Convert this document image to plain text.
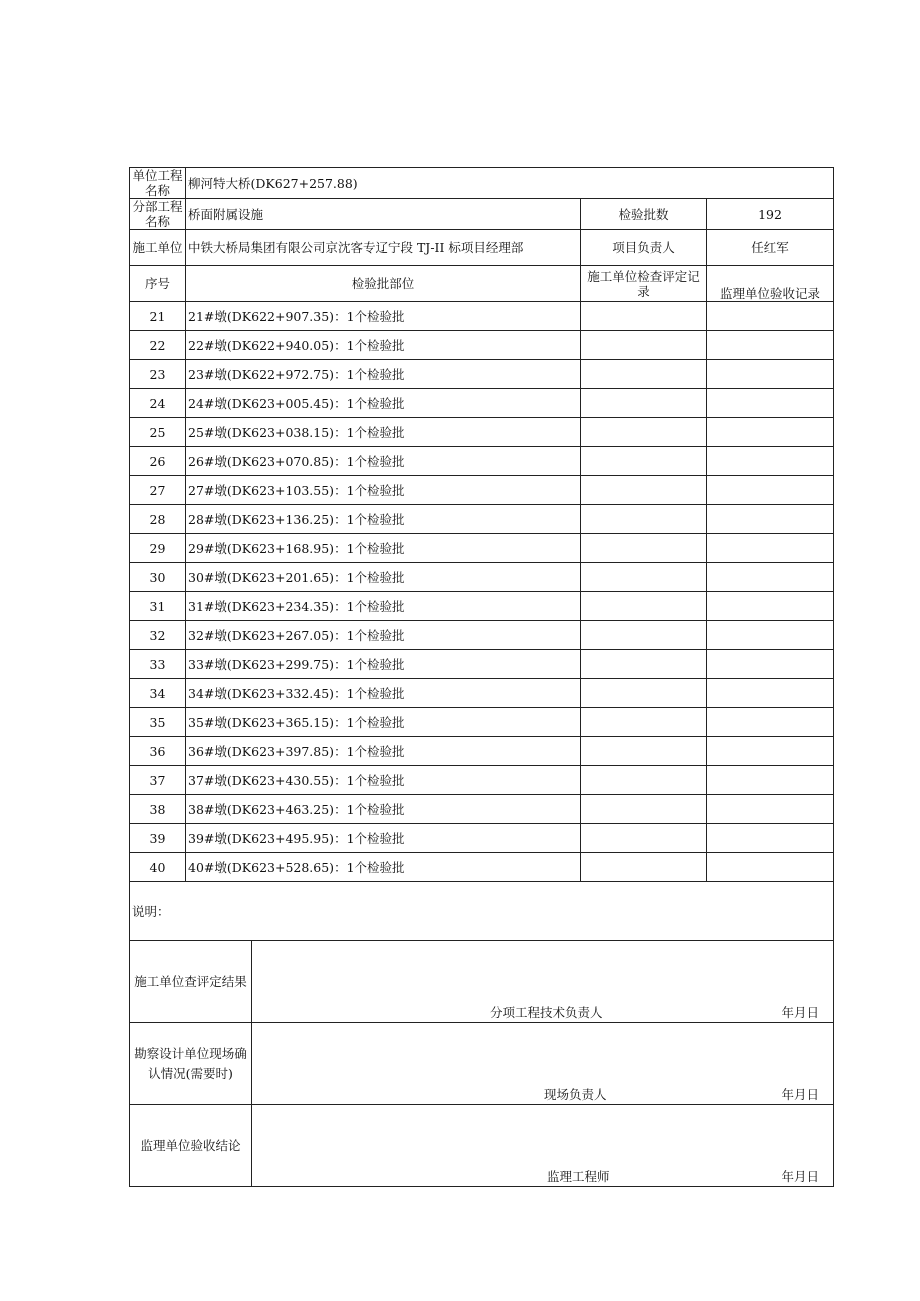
单位工程名称	柳河特大桥(DK627+257.88)		
分部工程名称	桥面附属设施	检验批数	192
施工单位	中铁大桥局集团有限公司京沈客专辽宁段 TJ-II 标项目经理部	项目负责人	任红军
序号	检验批部位	施工单位检查评定记录	监理单位验收记录
21	21#墩(DK622+907.35)：1个检验批		
22	22#墩(DK622+940.05)：1个检验批		
23	23#墩(DK622+972.75)：1个检验批		
24	24#墩(DK623+005.45)：1个检验批		
25	25#墩(DK623+038.15)：1个检验批		
26	26#墩(DK623+070.85)：1个检验批		
27	27#墩(DK623+103.55)：1个检验批		
28	28#墩(DK623+136.25)：1个检验批		
29	29#墩(DK623+168.95)：1个检验批		
30	30#墩(DK623+201.65)：1个检验批		
31	31#墩(DK623+234.35)：1个检验批		
32	32#墩(DK623+267.05)：1个检验批		
33	33#墩(DK623+299.75)：1个检验批		
34	34#墩(DK623+332.45)：1个检验批		
35	35#墩(DK623+365.15)：1个检验批		
36	36#墩(DK623+397.85)：1个检验批		
37	37#墩(DK623+430.55)：1个检验批		
38	38#墩(DK623+463.25)：1个检验批		
39	39#墩(DK623+495.95)：1个检验批		
40	40#墩(DK623+528.65)：1个检验批		
说明：			
施工单位查评定结果	分项工程技术负责人 年月日

勘察设计单位现场确认情况(需要时)	现场负责人 年月日

监理单位验收结论	监理工程师 年月日
